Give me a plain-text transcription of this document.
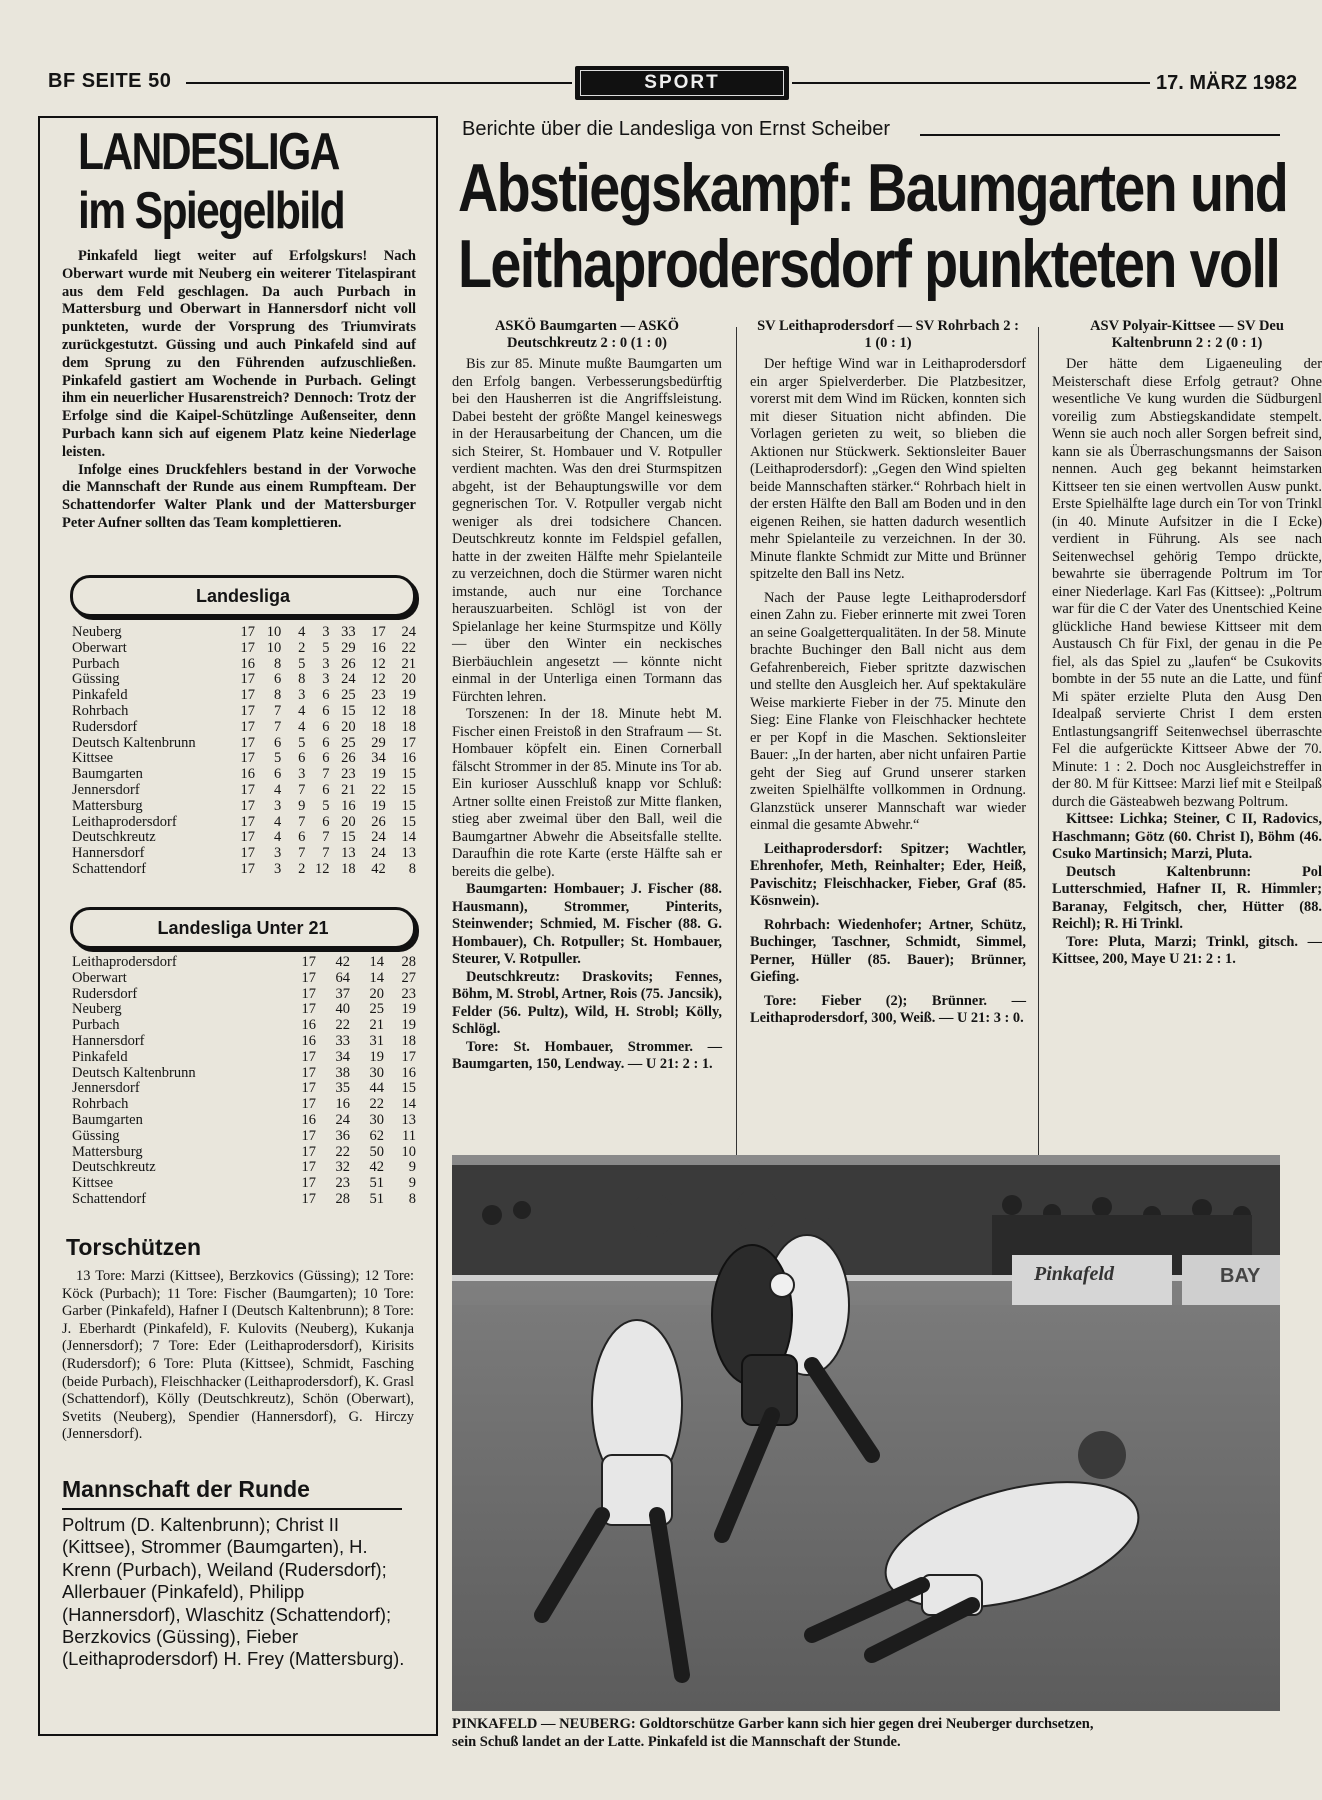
BF SEITE 50	SPORT	17. MÄRZ 1982
LANDESLIGA
im Spiegelbild
Pinkafeld liegt weiter auf Erfolgskurs! Nach Oberwart wurde mit Neuberg ein weiterer Titelaspirant aus dem Feld geschlagen. Da auch Purbach in Mattersburg und Oberwart in Hannersdorf nicht voll punkteten, wurde der Vorsprung des Triumvirats zurückgestutzt. Güssing und auch Pinkafeld sind auf dem Sprung zu den Führenden aufzuschließen. Pinkafeld gastiert am Wochende in Purbach. Gelingt ihm ein neuerlicher Husarenstreich? Dennoch: Trotz der Erfolge sind die Kaipel-Schützlinge Außenseiter, denn Purbach kann sich auf eigenem Platz keine Niederlage leisten.
Infolge eines Druckfehlers bestand in der Vorwoche die Mannschaft der Runde aus einem Rumpfteam. Der Schattendorfer Walter Plank und der Mattersburger Peter Aufner sollten das Team komplettieren.
Landesliga
Neuberg	17	10	4	3	33	17	24
Oberwart	17	10	2	5	29	16	22
Purbach	16	8	5	3	26	12	21
Güssing	17	6	8	3	24	12	20
Pinkafeld	17	8	3	6	25	23	19
Rohrbach	17	7	4	6	15	12	18
Rudersdorf	17	7	4	6	20	18	18
Deutsch Kaltenbrunn	17	6	5	6	25	29	17
Kittsee	17	5	6	6	26	34	16
Baumgarten	16	6	3	7	23	19	15
Jennersdorf	17	4	7	6	21	22	15
Mattersburg	17	3	9	5	16	19	15
Leithaprodersdorf	17	4	7	6	20	26	15
Deutschkreutz	17	4	6	7	15	24	14
Hannersdorf	17	3	7	7	13	24	13
Schattendorf	17	3	2	12	18	42	8
Landesliga Unter 21
Leithaprodersdorf	17	42	14	28
Oberwart	17	64	14	27
Rudersdorf	17	37	20	23
Neuberg	17	40	25	19
Purbach	16	22	21	19
Hannersdorf	16	33	31	18
Pinkafeld	17	34	19	17
Deutsch Kaltenbrunn	17	38	30	16
Jennersdorf	17	35	44	15
Rohrbach	17	16	22	14
Baumgarten	16	24	30	13
Güssing	17	36	62	11
Mattersburg	17	22	50	10
Deutschkreutz	17	32	42	9
Kittsee	17	23	51	9
Schattendorf	17	28	51	8
Torschützen
13 Tore: Marzi (Kittsee), Berzkovics (Güssing); 12 Tore: Köck (Purbach); 11 Tore: Fischer (Baumgarten); 10 Tore: Garber (Pinkafeld), Hafner I (Deutsch Kaltenbrunn); 8 Tore: J. Eberhardt (Pinkafeld), F. Kulovits (Neuberg), Kukanja (Jennersdorf); 7 Tore: Eder (Leithaprodersdorf), Kirisits (Rudersdorf); 6 Tore: Pluta (Kittsee), Schmidt, Fasching (beide Purbach), Fleischhacker (Leithaprodersdorf), K. Grasl (Schattendorf), Kölly (Deutschkreutz), Schön (Oberwart), Svetits (Neuberg), Spendier (Hannersdorf), G. Hirczy (Jennersdorf).
Mannschaft der Runde
Poltrum (D. Kaltenbrunn); Christ II (Kittsee), Strommer (Baumgarten), H. Krenn (Purbach), Weiland (Rudersdorf); Allerbauer (Pinkafeld), Philipp (Hannersdorf), Wlaschitz (Schattendorf); Berzkovics (Güssing), Fieber (Leithaprodersdorf) H. Frey (Mattersburg).
Berichte über die Landesliga von Ernst Scheiber
Abstiegskampf: Baumgarten und
Leithaprodersdorf punkteten voll
ASKÖ Baumgarten — ASKÖ Deutschkreutz 2 : 0 (1 : 0)

Bis zur 85. Minute mußte Baumgarten um den Erfolg bangen. Verbesserungsbedürftig bei den Hausherren ist die Angriffsleistung. Dabei besteht der größte Mangel keineswegs in der Herausarbeitung der Chancen, um die sich Steirer, St. Hombauer und V. Rotpuller verdient machten. Was den drei Sturmspitzen abgeht, ist der Behauptungswille vor dem gegnerischen Tor. V. Rotpuller vergab nicht weniger als drei todsichere Chancen. Deutschkreutz konnte im Feldspiel gefallen, hatte in der zweiten Hälfte mehr Spielanteile zu verzeichnen, doch die Stürmer waren nicht imstande, auch nur eine Torchance herauszuarbeiten. Schlögl ist von der Spielanlage her keine Sturmspitze und Kölly — über den Winter ein neckisches Bierbäuchlein angesetzt — könnte nicht einmal in der Unterliga einen Tormann das Fürchten lehren.

Torszenen: In der 18. Minute hebt M. Fischer einen Freistoß in den Strafraum — St. Hombauer köpfelt ein. Einen Cornerball fälscht Strommer in der 85. Minute ins Tor ab. Ein kurioser Ausschluß knapp vor Schluß: Artner sollte einen Freistoß zur Mitte flanken, stieg aber zweimal über den Ball, weil die Baumgartner Abwehr die Abseitsfalle stellte. Daraufhin die rote Karte (erste Hälfte sah er bereits die gelbe).

Baumgarten: Hombauer; J. Fischer (88. Hausmann), Strommer, Pinterits, Steinwender; Schmied, M. Fischer (88. G. Hombauer), Ch. Rotpuller; St. Hombauer, Steurer, V. Rotpuller.

Deutschkreutz: Draskovits; Fennes, Böhm, M. Strobl, Artner, Rois (75. Jancsik), Felder (56. Pultz), Wild, H. Strobl; Kölly, Schlögl.

Tore: St. Hombauer, Strommer. — Baumgarten, 150, Lendway. — U 21: 2 : 1.

SV Leithaprodersdorf — SV Rohrbach 2 : 1 (0 : 1)

Der heftige Wind war in Leithaprodersdorf ein arger Spielverderber. Die Platzbesitzer, vorerst mit dem Wind im Rücken, konnten sich mit dieser Situation nicht abfinden. Die Vorlagen gerieten zu weit, so blieben die Aktionen nur Stückwerk. Sektionsleiter Bauer (Leithaprodersdorf): „Gegen den Wind spielten beide Mannschaften stärker.“ Rohrbach hielt in der ersten Hälfte den Ball am Boden und in den eigenen Reihen, sie hatten dadurch wesentlich mehr Spielanteile zu verzeichnen. In der 30. Minute flankte Schmidt zur Mitte und Brünner spitzelte den Ball ins Netz.

Nach der Pause legte Leithaprodersdorf einen Zahn zu. Fieber erinnerte mit zwei Toren an seine Goalgetterqualitäten. In der 58. Minute brachte Buchinger den Ball nicht aus dem Gefahrenbereich, Fieber spritzte dazwischen und stellte den Ausgleich her. Auf spektakuläre Weise markierte Fieber in der 75. Minute den Sieg: Eine Flanke von Fleischhacker hechtete er per Kopf in die Maschen. Sektionsleiter Bauer: „In der harten, aber nicht unfairen Partie geht der Sieg auf Grund unserer starken zweiten Spielhälfte vollkommen in Ordnung. Glanzstück unserer Mannschaft war wieder einmal die gesamte Abwehr.“

Leithaprodersdorf: Spitzer; Wachtler, Ehrenhofer, Meth, Reinhalter; Eder, Heiß, Pavischitz; Fleischhacker, Fieber, Graf (85. Kösnwein).

Rohrbach: Wiedenhofer; Artner, Schütz, Buchinger, Taschner, Schmidt, Simmel, Perner, Hüller (85. Bauer); Brünner, Giefing.

Tore: Fieber (2); Brünner. — Leithaprodersdorf, 300, Weiß. — U 21: 3 : 0.

ASV Polyair-Kittsee — SV Deu Kaltenbrunn 2 : 2 (0 : 1)

Der hätte dem Ligaeneuling der Meisterschaft diese Erfolg getraut? Ohne wesentliche Ve kung wurden die Südburgenl voreilig zum Abstiegskandidate stempelt. Wenn sie auch noch aller Sorgen befreit sind, kann sie als Überraschungsmanns der Saison nennen. Auch geg bekannt heimstarken Kittseer ten sie einen wertvollen Ausw punkt. Erste Spielhälfte lage durch ein Tor von Trinkl (in 40. Minute Aufsitzer in die I Ecke) verdient in Führung. Als see nach Seitenwechsel gehörig Tempo drückte, bewahrte sie überragende Poltrum im Tor einer Niederlage. Karl Fas (Kittsee): „Poltrum war für die C der Vater des Unentschied Keine glückliche Hand bewiese Kittseer mit dem Austausch Ch für Fixl, der genau in die Pe fiel, als das Spiel zu „laufen“ be Csukovits bombte in der 55 nute an die Latte, und fünf Mi später erzielte Pluta den Ausg Den Idealpaß servierte Christ I dem ersten Entlastungsangriff Seitenwechsel überraschte Fel die aufgerückte Kittseer Abwe der 70. Minute: 1 : 2. Doch noc Ausgleichstreffer in der 80. M für Kittsee: Marzi lief mit e Steilpaß durch die Gästeabweh bezwang Poltrum.

Kittsee: Lichka; Steiner, C II, Radovics, Haschmann; Götz (60. Christ I), Böhm (46. Csuko Martinsich; Marzi, Pluta.

Deutsch Kaltenbrunn: Pol Lutterschmied, Hafner II, R. Himmler; Baranay, Felgitsch, cher, Hütter (88. Reichl); R. Hi Trinkl.

Tore: Pluta, Marzi; Trinkl, gitsch. — Kittsee, 200, Maye U 21: 2 : 1.

Pinkafeld	BAY
PINKAFELD — NEUBERG: Goldtorschütze Garber kann sich hier gegen drei Neuberger durchsetzen,
sein Schuß landet an der Latte. Pinkafeld ist die Mannschaft der Stunde.
